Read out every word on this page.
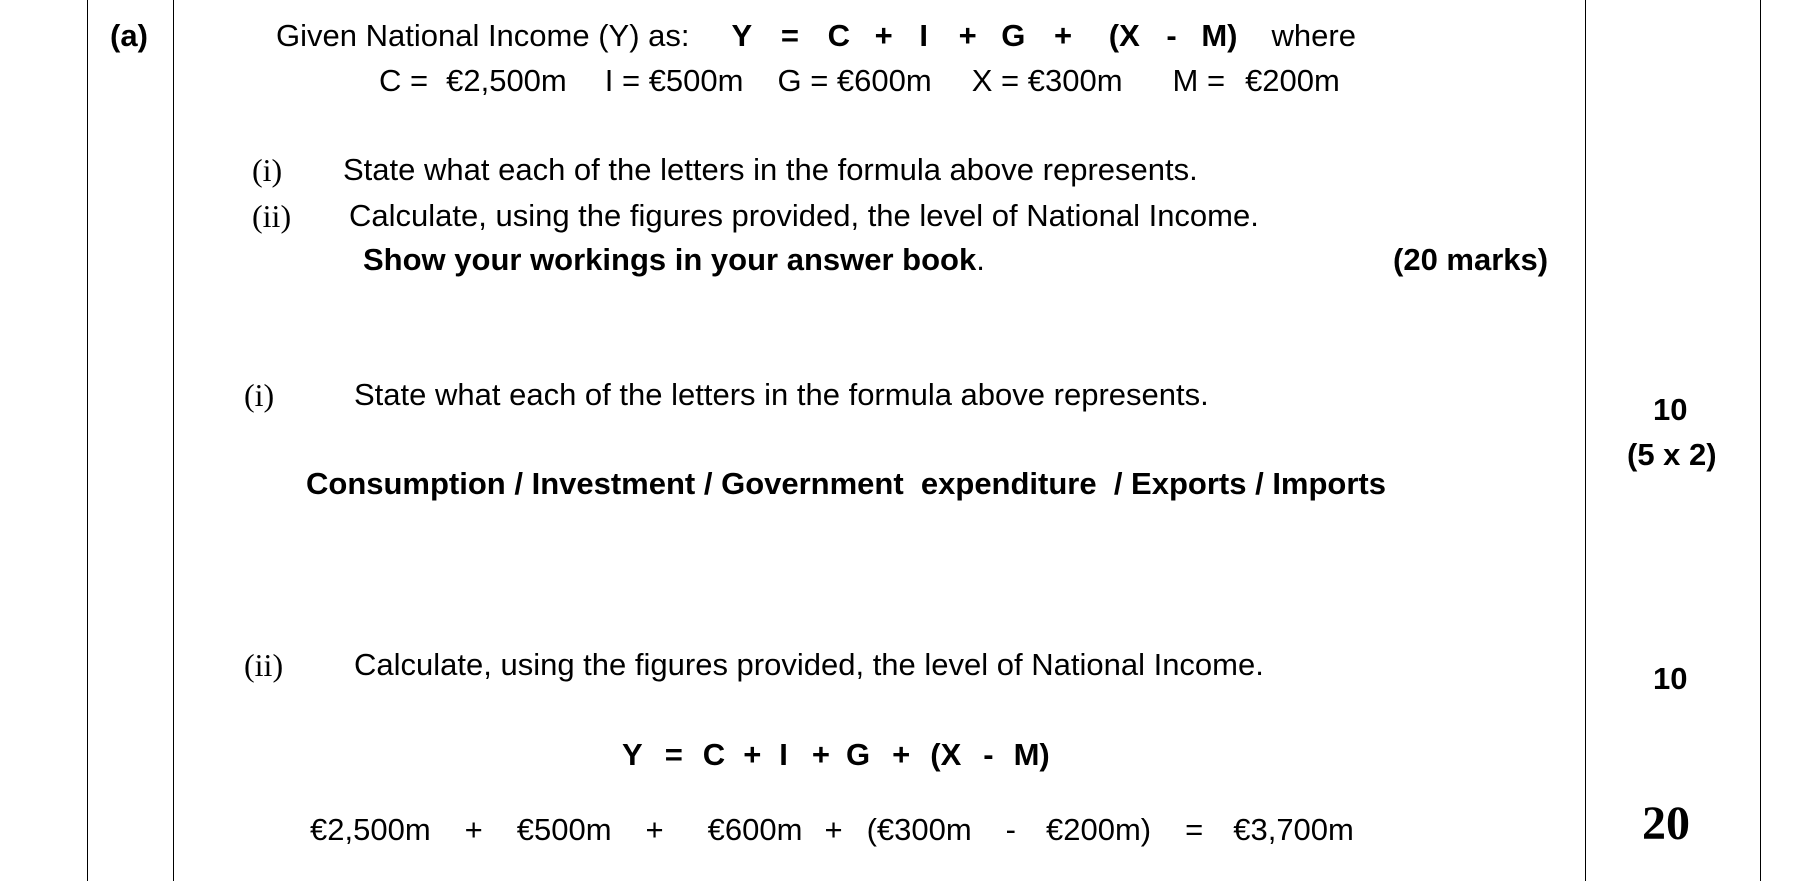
(a)	Given National Income (Y) as: Y = C + I + G + (X - M) where
C = €2,500m I = €500m G = €600m X = €300m M = €200m
(i) State what each of the letters in the formula above represents.
(ii) Calculate, using the figures provided, the level of National Income.
Show your workings in your answer book .	(20 marks)
(i)	State what each of the letters in the formula above represents.
Consumption / Investment / Government  expenditure  / Exports / Imports
10
(5 x 2)
(ii) Calculate, using the figures provided, the level of National Income.	10
Y = C + I + G + (X - M)
€2,500m + €500m + €600m + (€300m - €200m) = €3,700m	20
